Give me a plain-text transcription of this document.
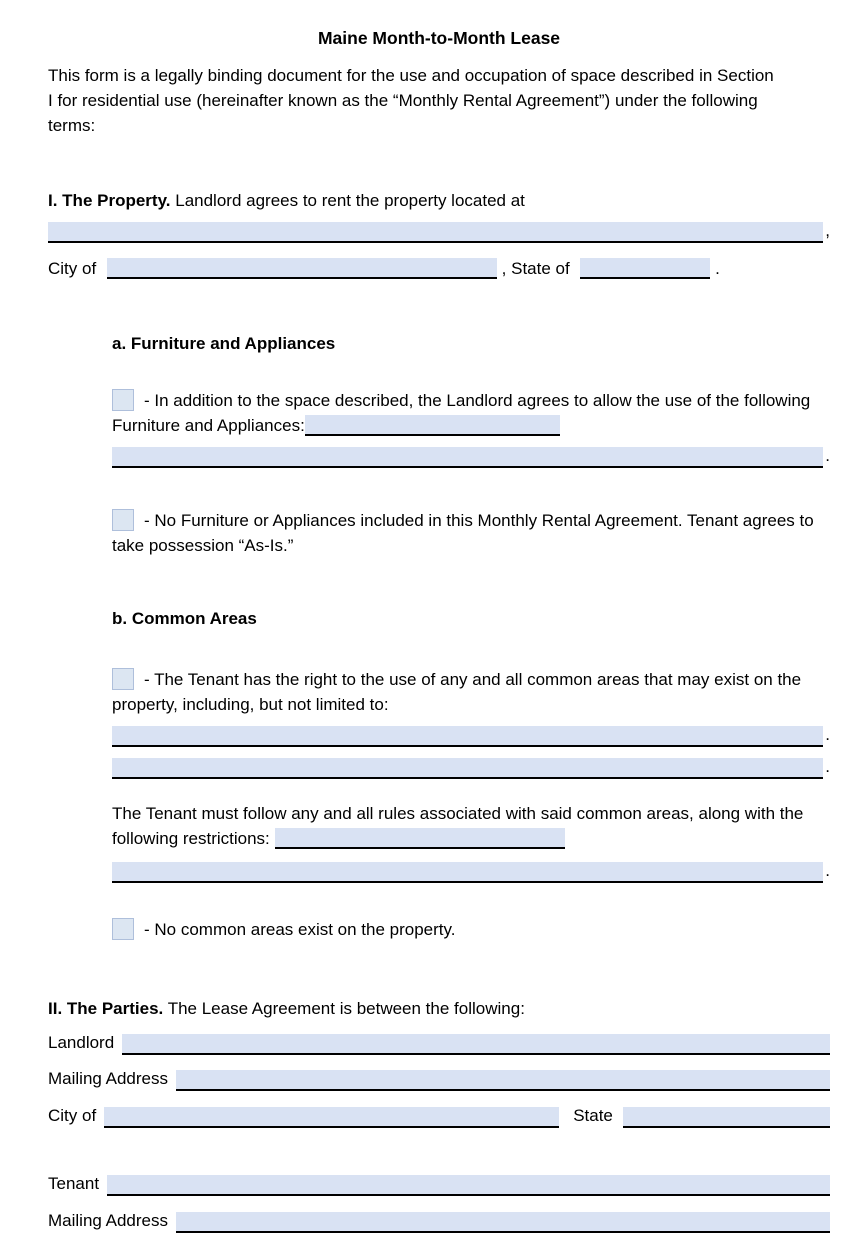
Maine Month-to-Month Lease

This form is a legally binding document for the use and occupation of space described in Section I for residential use (hereinafter known as the “Monthly Rental Agreement”) under the following terms:

I. The Property. Landlord agrees to rent the property located at
,
City of	, State of	.
a. Furniture and Appliances
- In addition to the space described, the Landlord agrees to allow the use of the following Furniture and Appliances:
.
- No Furniture or Appliances included in this Monthly Rental Agreement. Tenant agrees to take possession “As-Is.”
b. Common Areas
- The Tenant has the right to the use of any and all common areas that may exist on the property, including, but not limited to:
.
.
The Tenant must follow any and all rules associated with said common areas, along with the following restrictions:
.
- No common areas exist on the property.
II. The Parties. The Lease Agreement is between the following:
Landlord
Mailing Address
City of	State
Tenant
Mailing Address
